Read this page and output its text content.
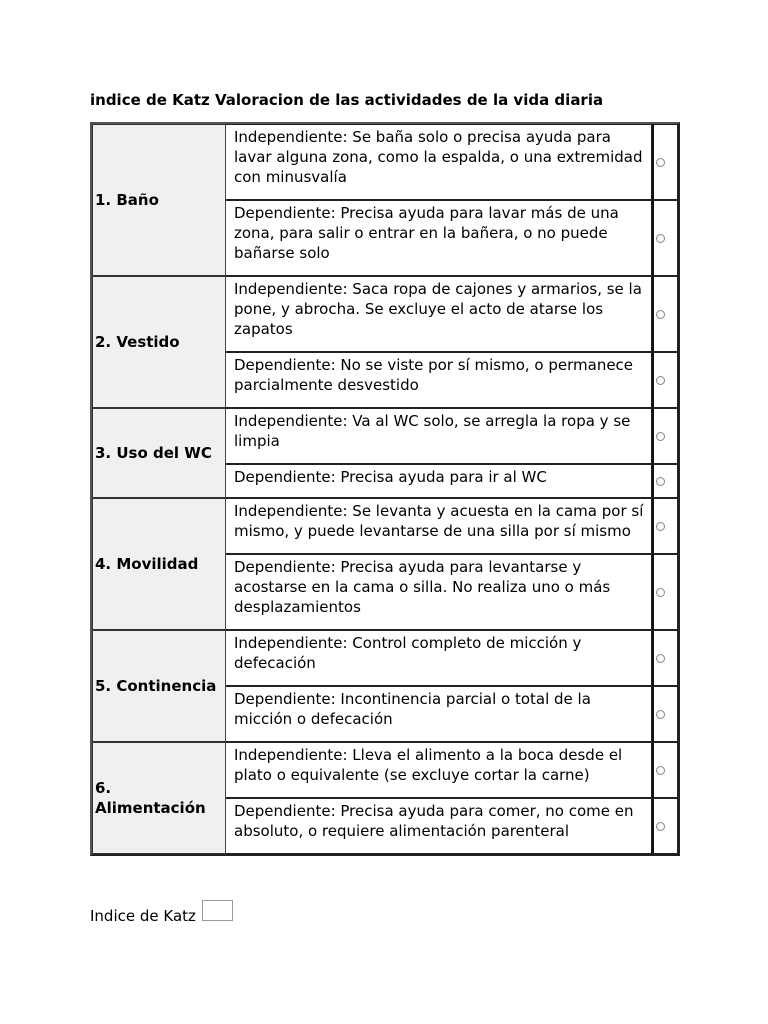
indice de Katz Valoracion de las actividades de la vida diaria
1. Baño	Independiente: Se baña solo o precisa ayuda para lavar alguna zona, como la espalda, o una extremidad con minusvalía	
	Dependiente: Precisa ayuda para lavar más de una zona, para salir o entrar en la bañera, o no puede bañarse solo	
2. Vestido	Independiente: Saca ropa de cajones y armarios, se la pone, y abrocha. Se excluye el acto de atarse los zapatos	
	Dependiente: No se viste por sí mismo, o permanece parcialmente desvestido	
3. Uso del WC	Independiente: Va al WC solo, se arregla la ropa y se limpia	
	Dependiente: Precisa ayuda para ir al WC	
4. Movilidad	Independiente: Se levanta y acuesta en la cama por sí mismo, y puede levantarse de una silla por sí mismo	
	Dependiente: Precisa ayuda para levantarse y acostarse en la cama o silla. No realiza uno o más desplazamientos	
5. Continencia	Independiente: Control completo de micción y defecación	
	Dependiente: Incontinencia parcial o total de la micción o defecación	
6. Alimentación	Independiente: Lleva el alimento a la boca desde el plato o equivalente (se excluye cortar la carne)	
	Dependiente: Precisa ayuda para comer, no come en absoluto, o requiere alimentación parenteral	
Indice de Katz
